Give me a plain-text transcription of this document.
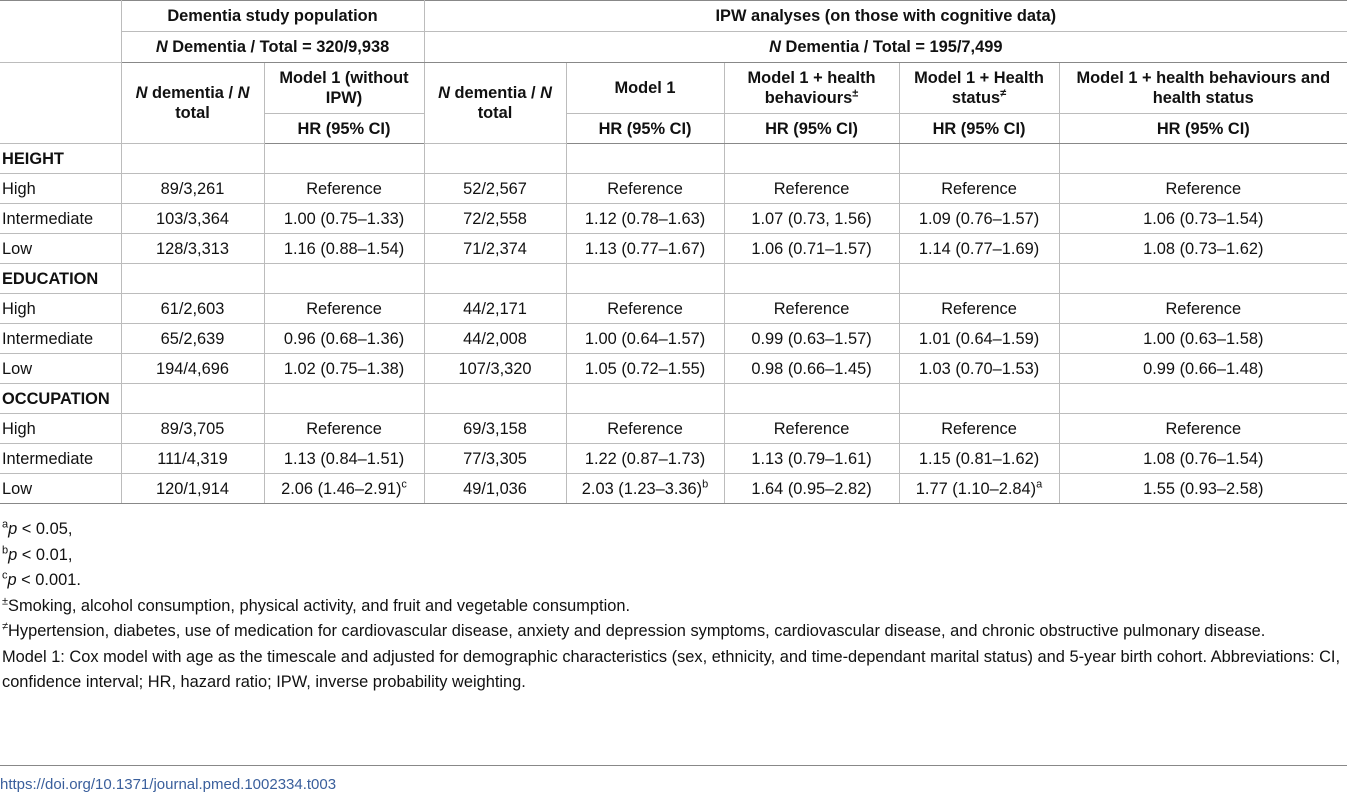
	Dementia study population		IPW analyses (on those with cognitive data)				
	N Dementia / Total = 320/9,938		N Dementia / Total = 195/7,499				
	N dementia / N total	Model 1 (without IPW)	N dementia / N total	Model 1	Model 1 + health behaviours±	Model 1 + Health status≠	Model 1 + health behaviours and health status
		HR (95% CI)		HR (95% CI)	HR (95% CI)	HR (95% CI)	HR (95% CI)
HEIGHT							
High	89/3,261	Reference	52/2,567	Reference	Reference	Reference	Reference
Intermediate	103/3,364	1.00 (0.75–1.33)	72/2,558	1.12 (0.78–1.63)	1.07 (0.73, 1.56)	1.09 (0.76–1.57)	1.06 (0.73–1.54)
Low	128/3,313	1.16 (0.88–1.54)	71/2,374	1.13 (0.77–1.67)	1.06 (0.71–1.57)	1.14 (0.77–1.69)	1.08 (0.73–1.62)
EDUCATION							
High	61/2,603	Reference	44/2,171	Reference	Reference	Reference	Reference
Intermediate	65/2,639	0.96 (0.68–1.36)	44/2,008	1.00 (0.64–1.57)	0.99 (0.63–1.57)	1.01 (0.64–1.59)	1.00 (0.63–1.58)
Low	194/4,696	1.02 (0.75–1.38)	107/3,320	1.05 (0.72–1.55)	0.98 (0.66–1.45)	1.03 (0.70–1.53)	0.99 (0.66–1.48)
OCCUPATION							
High	89/3,705	Reference	69/3,158	Reference	Reference	Reference	Reference
Intermediate	111/4,319	1.13 (0.84–1.51)	77/3,305	1.22 (0.87–1.73)	1.13 (0.79–1.61)	1.15 (0.81–1.62)	1.08 (0.76–1.54)
Low	120/1,914	2.06 $(1.46-2.91)^c$	49/1,036	2.03 $(1.23-3.36)^b$	1.64 (0.95–2.82)	1.77 $(1.10-2.84)^a$	1.55 (0.93–2.58)
$^a$p < 0.05,
$^b$p < 0.01,
$^c$p < 0.001.
±Smoking, alcohol consumption, physical activity, and fruit and vegetable consumption.
≠Hypertension, diabetes, use of medication for cardiovascular disease, anxiety and depression symptoms, cardiovascular disease, and chronic obstructive pulmonary disease.
Model 1: Cox model with age as the timescale and adjusted for demographic characteristics (sex, ethnicity, and time-dependant marital status) and 5-year birth cohort. Abbreviations: CI, confidence interval; HR, hazard ratio; IPW, inverse probability weighting.
https://doi.org/10.1371/journal.pmed.1002334.t003
